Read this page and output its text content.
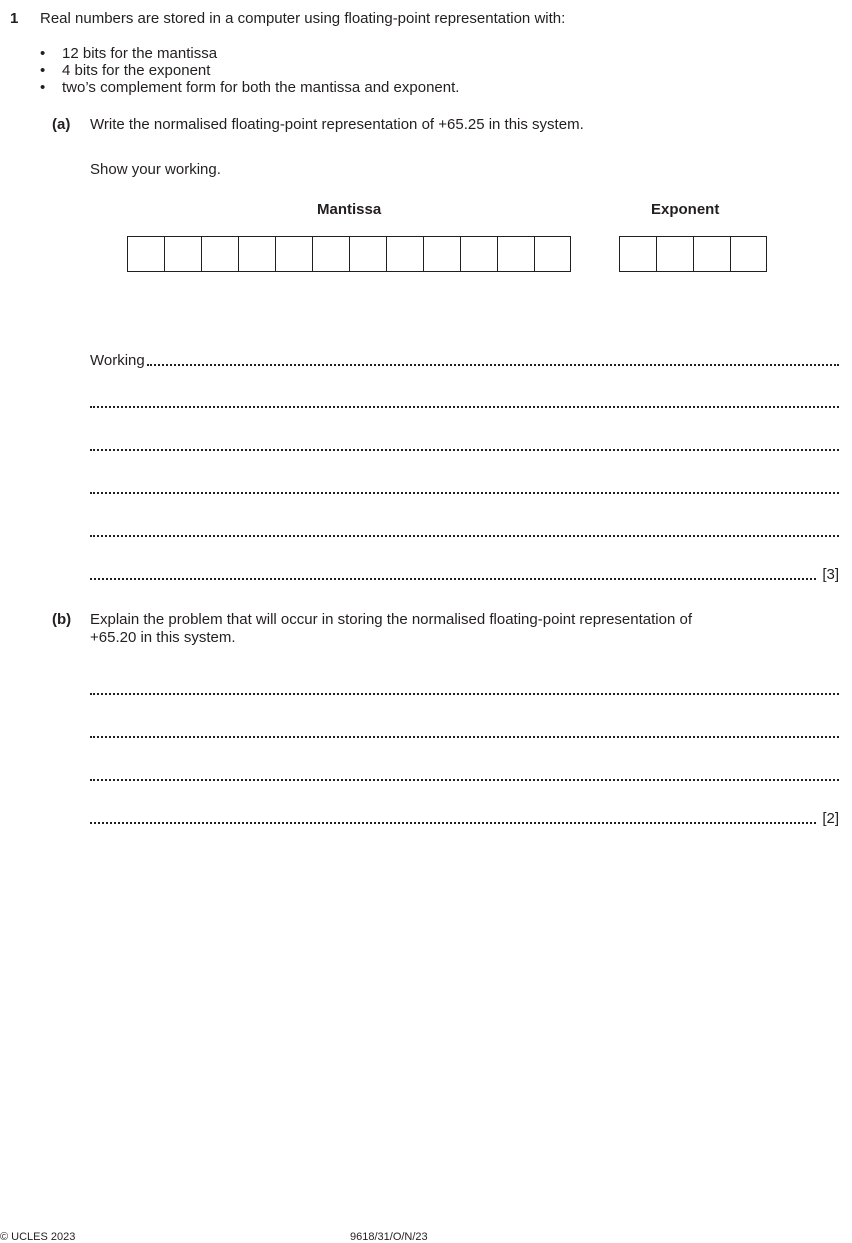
1 Real numbers are stored in a computer using floating-point representation with:
• 12 bits for the mantissa
• 4 bits for the exponent
• two’s complement form for both the mantissa and exponent.
(a) Write the normalised floating-point representation of +65.25 in this system.
Show your working.
Mantissa	Exponent
Working
[3]
(b) Explain the problem that will occur in storing the normalised floating-point representation of
+65.20 in this system.
[2]
© UCLES 2023	9618/31/O/N/23
